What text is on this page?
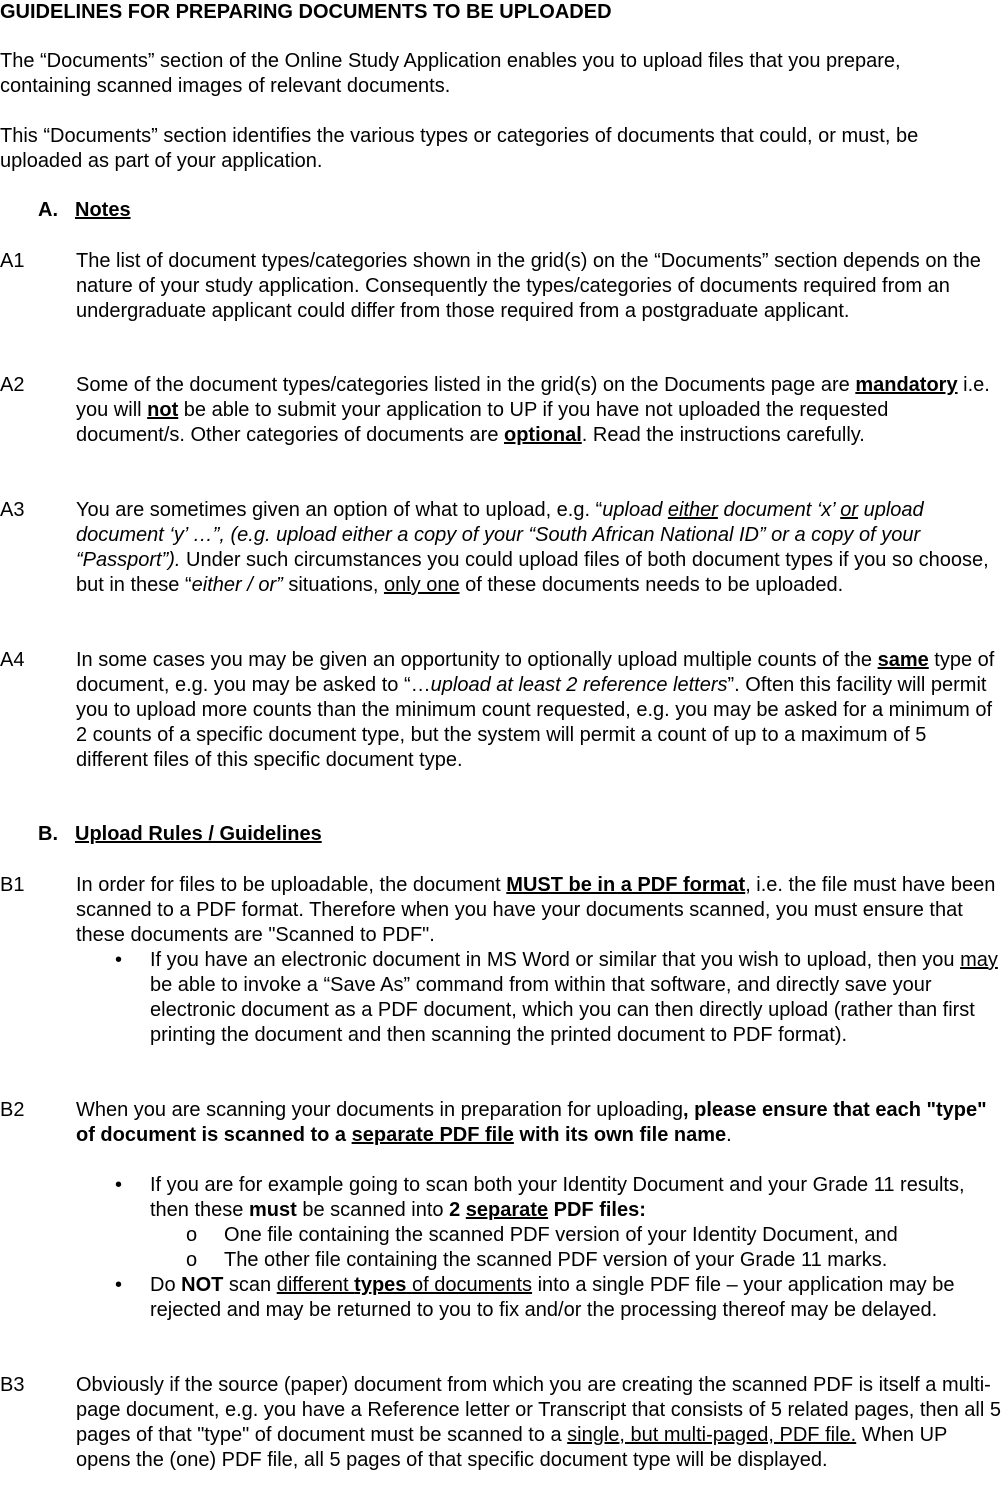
GUIDELINES FOR PREPARING DOCUMENTS TO BE UPLOADED

The “Documents” section of the Online Study Application enables you to upload files that you prepare, containing scanned images of relevant documents.

This “Documents” section identifies the various types or categories of documents that could, or must, be uploaded as part of your application.

A. Notes

A1	The list of document types/categories shown in the grid(s) on the “Documents” section depends on the nature of your study application. Consequently the types/categories of documents required from an undergraduate applicant could differ from those required from a postgraduate applicant.
A2	Some of the document types/categories listed in the grid(s) on the Documents page are mandatory i.e. you will not be able to submit your application to UP if you have not uploaded the requested document/s. Other categories of documents are optional. Read the instructions carefully.
A3	You are sometimes given an option of what to upload, e.g. “upload either document ‘x’ or upload document ‘y’ …”, (e.g. upload either a copy of your “South African National ID” or a copy of your “Passport”). Under such circumstances you could upload files of both document types if you so choose, but in these “either / or” situations, only one of these documents needs to be uploaded.
A4	In some cases you may be given an opportunity to optionally upload multiple counts of the same type of document, e.g. you may be asked to “…upload at least 2 reference letters”. Often this facility will permit you to upload more counts than the minimum count requested, e.g. you may be asked for a minimum of 2 counts of a specific document type, but the system will permit a count of up to a maximum of 5 different files of this specific document type.

B. Upload Rules / Guidelines

B1	In order for files to be uploadable, the document MUST be in a PDF format, i.e. the file must have been scanned to a PDF format. Therefore when you have your documents scanned, you must ensure that these documents are "Scanned to PDF".
•	If you have an electronic document in MS Word or similar that you wish to upload, then you may be able to invoke a “Save As” command from within that software, and directly save your electronic document as a PDF document, which you can then directly upload (rather than first printing the document and then scanning the printed document to PDF format).
B2	When you are scanning your documents in preparation for uploading, please ensure that each "type" of document is scanned to a separate PDF file with its own file name.
•	If you are for example going to scan both your Identity Document and your Grade 11 results, then these must be scanned into 2 separate PDF files:
o One file containing the scanned PDF version of your Identity Document, and
o The other file containing the scanned PDF version of your Grade 11 marks.
•	Do NOT scan different types of documents into a single PDF file – your application may be rejected and may be returned to you to fix and/or the processing thereof may be delayed.
B3	Obviously if the source (paper) document from which you are creating the scanned PDF is itself a multi-page document, e.g. you have a Reference letter or Transcript that consists of 5 related pages, then all 5 pages of that "type" of document must be scanned to a single, but multi-paged, PDF file. When UP opens the (one) PDF file, all 5 pages of that specific document type will be displayed.
